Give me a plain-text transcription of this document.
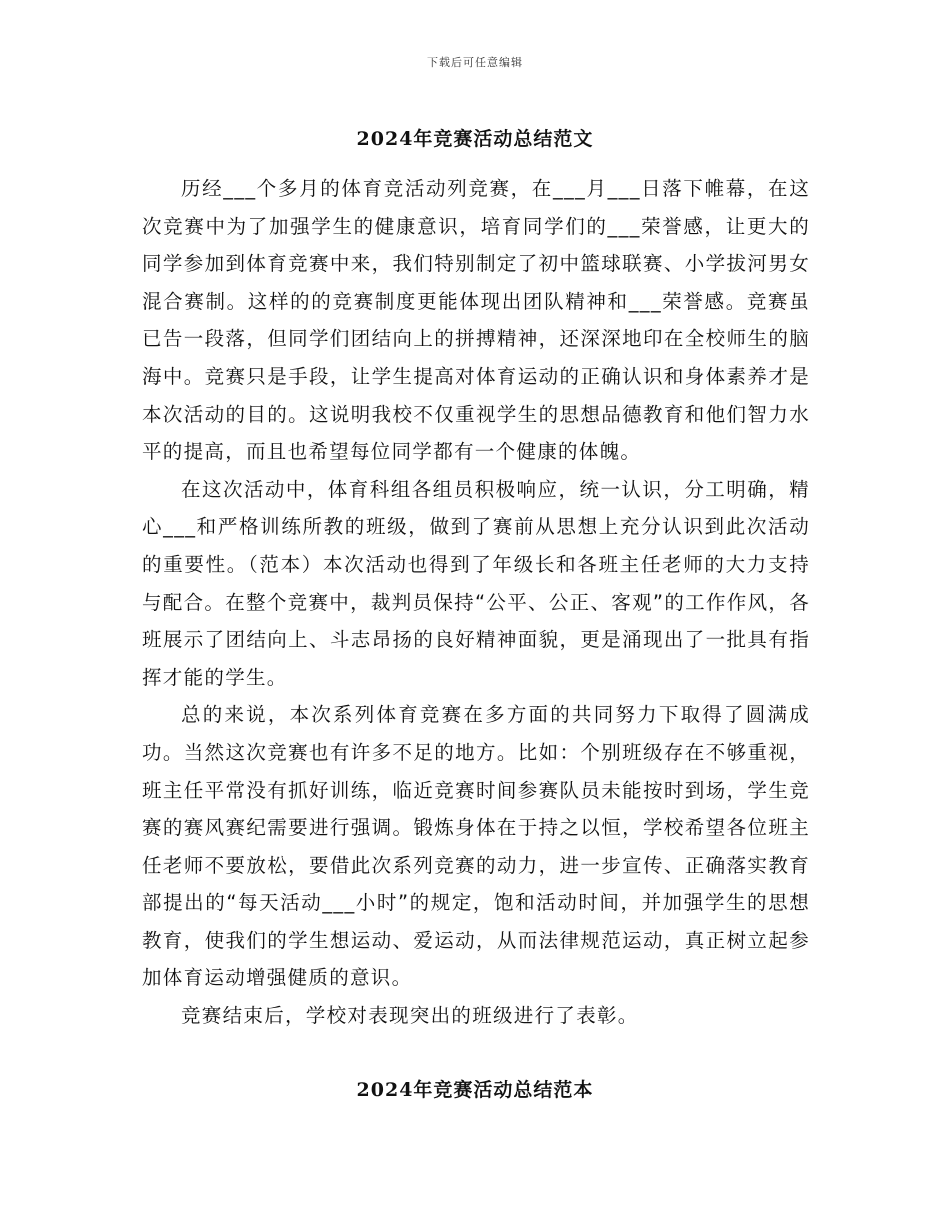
下载后可任意编辑
2024年竞赛活动总结范文

历经___个多月的体育竞活动列竞赛，在___月___日落下帷幕，在这次竞赛中为了加强学生的健康意识，培育同学们的___荣誉感，让更大的同学参加到体育竞赛中来，我们特别制定了初中篮球联赛、小学拔河男女混合赛制。这样的的竞赛制度更能体现出团队精神和___荣誉感。竞赛虽已告一段落，但同学们团结向上的拼搏精神，还深深地印在全校师生的脑海中。竞赛只是手段，让学生提高对体育运动的正确认识和身体素养才是本次活动的目的。这说明我校不仅重视学生的思想品德教育和他们智力水平的提高，而且也希望每位同学都有一个健康的体魄。

在这次活动中，体育科组各组员积极响应，统一认识，分工明确，精心___和严格训练所教的班级，做到了赛前从思想上充分认识到此次活动的重要性。（范本）本次活动也得到了年级长和各班主任老师的大力支持与配合。在整个竞赛中，裁判员保持“公平、公正、客观”的工作作风，各班展示了团结向上、斗志昂扬的良好精神面貌，更是涌现出了一批具有指挥才能的学生。

总的来说，本次系列体育竞赛在多方面的共同努力下取得了圆满成功。当然这次竞赛也有许多不足的地方。比如：个别班级存在不够重视，班主任平常没有抓好训练，临近竞赛时间参赛队员未能按时到场，学生竞赛的赛风赛纪需要进行强调。锻炼身体在于持之以恒，学校希望各位班主任老师不要放松，要借此次系列竞赛的动力，进一步宣传、正确落实教育部提出的“每天活动___小时”的规定，饱和活动时间，并加强学生的思想教育，使我们的学生想运动、爱运动，从而法律规范运动，真正树立起参加体育运动增强健质的意识。

竞赛结束后，学校对表现突出的班级进行了表彰。

2024年竞赛活动总结范本
